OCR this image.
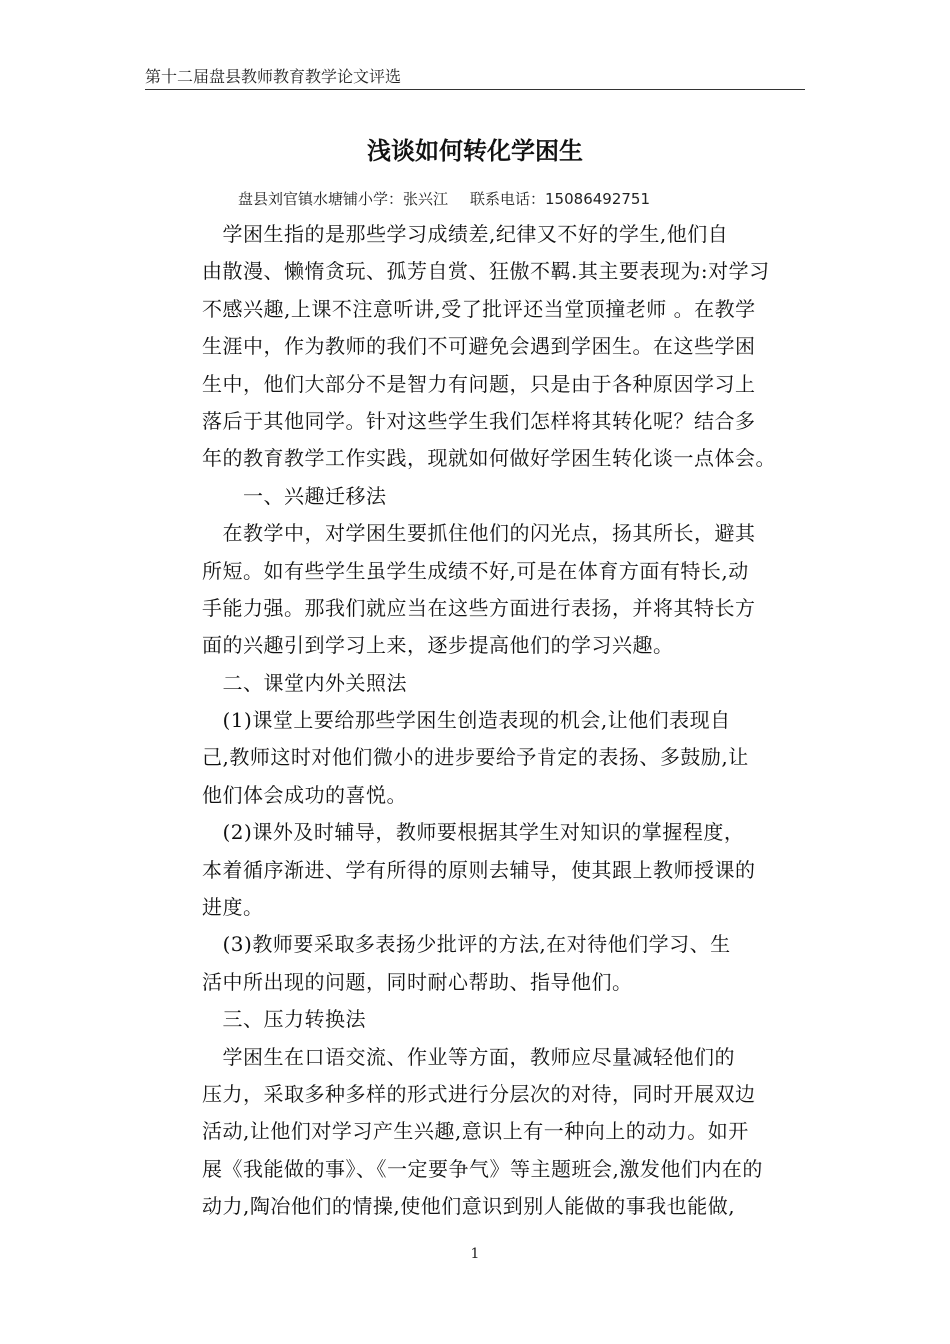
第十二届盘县教师教育教学论文评选
浅谈如何转化学困生
盘县刘官镇水塘铺小学：张兴江 联系电话：15086492751
　学困生指的是那些学习成绩差,纪律又不好的学生,他们自
由散漫、懒惰贪玩、孤芳自赏、狂傲不羁.其主要表现为:对学习
不感兴趣,上课不注意听讲,受了批评还当堂顶撞老师 。在教学
生涯中，作为教师的我们不可避免会遇到学困生。在这些学困
生中，他们大部分不是智力有问题，只是由于各种原因学习上
落后于其他同学。针对这些学生我们怎样将其转化呢？结合多
年的教育教学工作实践，现就如何做好学困生转化谈一点体会。
　　一、兴趣迁移法
　在教学中，对学困生要抓住他们的闪光点，扬其所长，避其
所短。如有些学生虽学生成绩不好,可是在体育方面有特长,动
手能力强。那我们就应当在这些方面进行表扬，并将其特长方
面的兴趣引到学习上来，逐步提高他们的学习兴趣。
　二、课堂内外关照法
　(1)课堂上要给那些学困生创造表现的机会,让他们表现自
己,教师这时对他们微小的进步要给予肯定的表扬、多鼓励,让
他们体会成功的喜悦。
　(2)课外及时辅导，教师要根据其学生对知识的掌握程度，
本着循序渐进、学有所得的原则去辅导，使其跟上教师授课的
进度。
　(3)教师要采取多表扬少批评的方法,在对待他们学习、生
活中所出现的问题，同时耐心帮助、指导他们。
　三、压力转换法
　学困生在口语交流、作业等方面，教师应尽量减轻他们的
压力，采取多种多样的形式进行分层次的对待，同时开展双边
活动,让他们对学习产生兴趣,意识上有一种向上的动力。如开
展《我能做的事》、《一定要争气》等主题班会,激发他们内在的
动力,陶冶他们的情操,使他们意识到别人能做的事我也能做,
1
